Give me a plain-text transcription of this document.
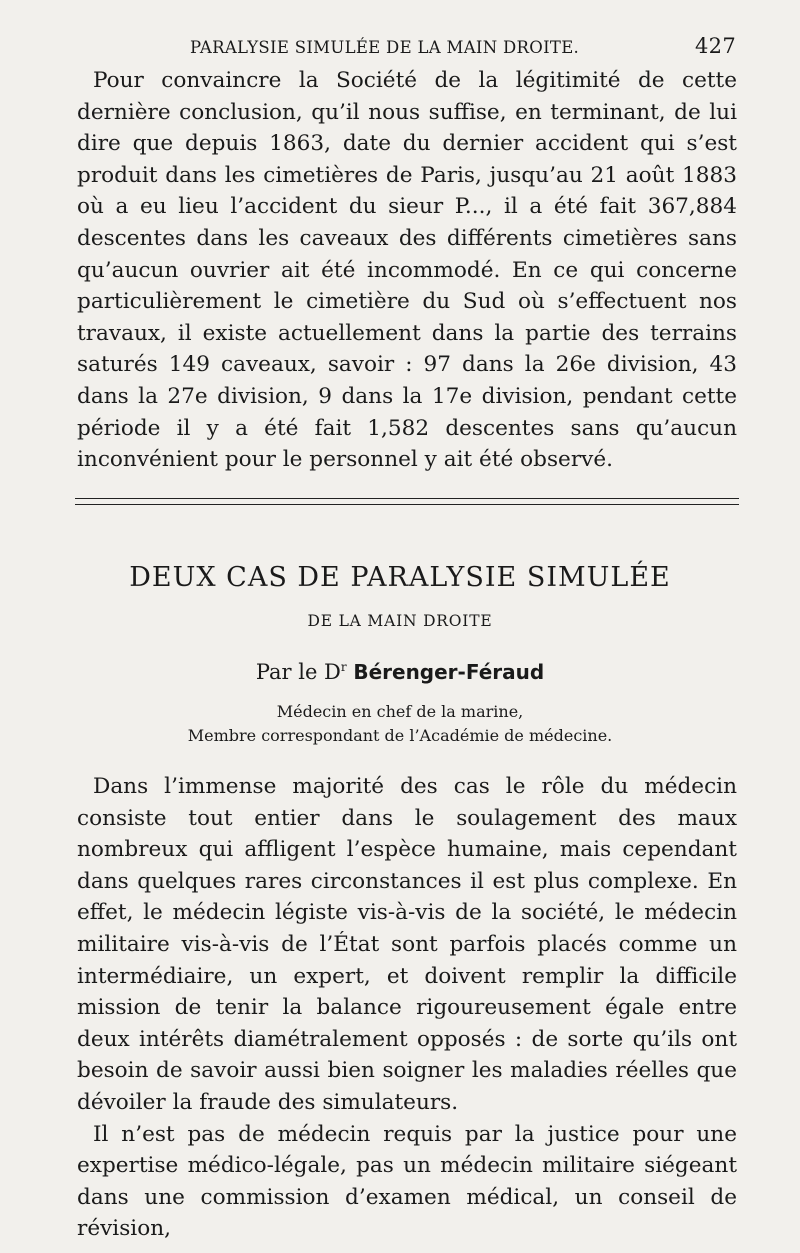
PARALYSIE SIMULÉE DE LA MAIN DROITE.	427

Pour convaincre la Société de la légitimité de cette dernière conclusion, qu’il nous suffise, en terminant, de lui dire que depuis 1863, date du dernier accident qui s’est produit dans les cimetières de Paris, jusqu’au 21 août 1883 où a eu lieu l’accident du sieur P..., il a été fait 367,884 descentes dans les caveaux des différents cimetières sans qu’aucun ouvrier ait été incommodé. En ce qui concerne particulièrement le cimetière du Sud où s’effectuent nos travaux, il existe actuellement dans la partie des terrains saturés 149 caveaux, savoir : 97 dans la 26e division, 43 dans la 27e division, 9 dans la 17e division, pendant cette période il y a été fait 1,582 descentes sans qu’aucun inconvénient pour le personnel y ait été observé.

DEUX CAS DE PARALYSIE SIMULÉE
DE LA MAIN DROITE
Par le $D^r$ Bérenger-Féraud
Médecin en chef de la marine,
Membre correspondant de l’Académie de médecine.

Dans l’immense majorité des cas le rôle du médecin consiste tout entier dans le soulagement des maux nombreux qui affligent l’espèce humaine, mais cependant dans quelques rares circonstances il est plus complexe. En effet, le médecin légiste vis-à-vis de la société, le médecin militaire vis-à-vis de l’État sont parfois placés comme un intermédiaire, un expert, et doivent remplir la difficile mission de tenir la balance rigoureusement égale entre deux intérêts diamétralement opposés : de sorte qu’ils ont besoin de savoir aussi bien soigner les maladies réelles que dévoiler la fraude des simulateurs.

Il n’est pas de médecin requis par la justice pour une expertise médico-légale, pas un médecin militaire siégeant dans une commission d’examen médical, un conseil de révision,
